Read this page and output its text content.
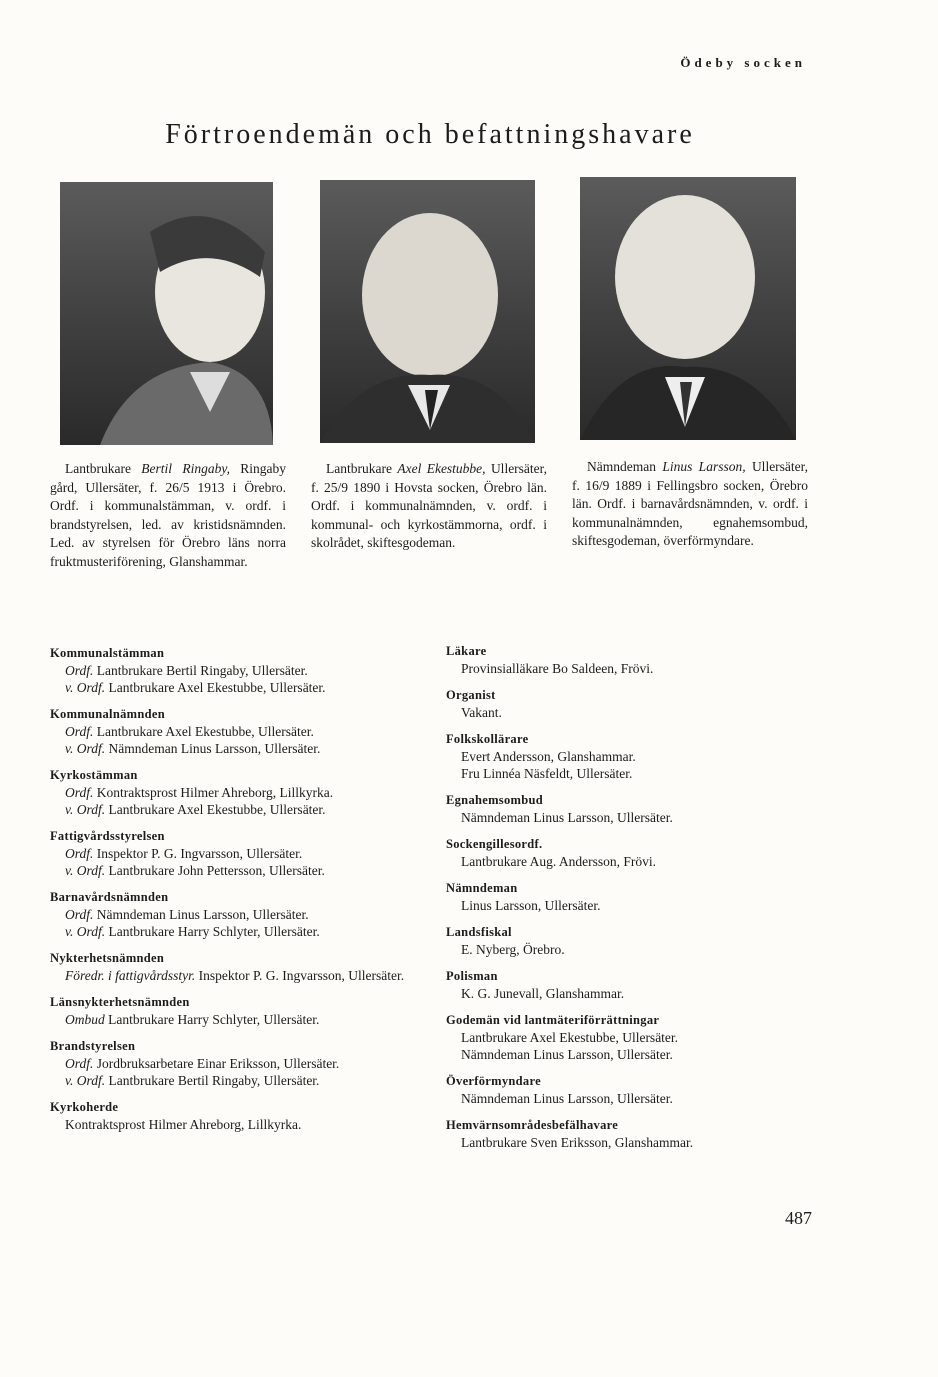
Ödeby socken
Förtroendemän och befattningshavare
Lantbrukare Bertil Ringaby, Ringaby gård, Ullersäter, f. 26/5 1913 i Örebro. Ordf. i kommunalstämman, v. ordf. i brandstyrelsen, led. av kristidsnämnden. Led. av styrelsen för Örebro läns norra fruktmusteriförening, Glanshammar.
Lantbrukare Axel Ekestubbe, Ullersäter, f. 25/9 1890 i Hovsta socken, Örebro län. Ordf. i kommunalnämnden, v. ordf. i kommunal- och kyrkostämmorna, ordf. i skolrådet, skiftesgodeman.
Nämndeman Linus Larsson, Ullersäter, f. 16/9 1889 i Fellingsbro socken, Örebro län. Ordf. i barnavårdsnämnden, v. ordf. i kommunalnämnden, egnahemsombud, skiftesgodeman, överförmyndare.
Kommunalstämman
Ordf. Lantbrukare Bertil Ringaby, Ullersäter.
v. Ordf. Lantbrukare Axel Ekestubbe, Ullersäter.
Kommunalnämnden
Ordf. Lantbrukare Axel Ekestubbe, Ullersäter.
v. Ordf. Nämndeman Linus Larsson, Ullersäter.
Kyrkostämman
Ordf. Kontraktsprost Hilmer Ahreborg, Lillkyrka.
v. Ordf. Lantbrukare Axel Ekestubbe, Ullersäter.
Fattigvårdsstyrelsen
Ordf. Inspektor P. G. Ingvarsson, Ullersäter.
v. Ordf. Lantbrukare John Pettersson, Ullersäter.
Barnavårdsnämnden
Ordf. Nämndeman Linus Larsson, Ullersäter.
v. Ordf. Lantbrukare Harry Schlyter, Ullersäter.
Nykterhetsnämnden
Föredr. i fattigvårdsstyr. Inspektor P. G. Ingvarsson, Ullersäter.
Länsnykterhetsnämnden
Ombud Lantbrukare Harry Schlyter, Ullersäter.
Brandstyrelsen
Ordf. Jordbruksarbetare Einar Eriksson, Ullersäter.
v. Ordf. Lantbrukare Bertil Ringaby, Ullersäter.
Kyrkoherde
Kontraktsprost Hilmer Ahreborg, Lillkyrka.
Läkare
Provinsialläkare Bo Saldeen, Frövi.
Organist
Vakant.
Folkskollärare
Evert Andersson, Glanshammar.
Fru Linnéa Näsfeldt, Ullersäter.
Egnahemsombud
Nämndeman Linus Larsson, Ullersäter.
Sockengillesordf.
Lantbrukare Aug. Andersson, Frövi.
Nämndeman
Linus Larsson, Ullersäter.
Landsfiskal
E. Nyberg, Örebro.
Polisman
K. G. Junevall, Glanshammar.
Godemän vid lantmäteriförrättningar
Lantbrukare Axel Ekestubbe, Ullersäter.
Nämndeman Linus Larsson, Ullersäter.
Överförmyndare
Nämndeman Linus Larsson, Ullersäter.
Hemvärnsområdesbefälhavare
Lantbrukare Sven Eriksson, Glanshammar.
487
